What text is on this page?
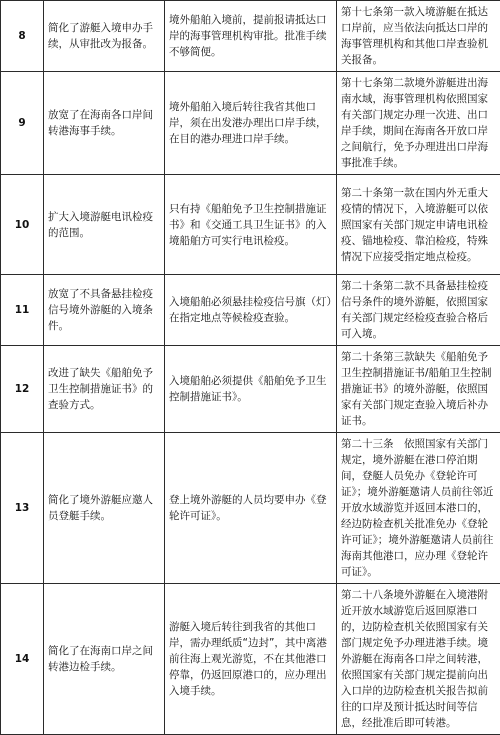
8	简化了游艇入境申办手续，从审批改为报备。	境外船舶入境前，提前报请抵达口岸的海事管理机构审批。批准手续不够简便。	第十七条第一款入境游艇在抵达口岸前，应当依法向抵达口岸的海事管理机构和其他口岸查验机关报备。
9	放宽了在海南各口岸间转港海事手续。	境外船舶入境后转往我省其他口岸，须在出发港办理出口岸手续，在目的港办理进口岸手续。	第十七条第二款境外游艇进出海南水域，海事管理机构依照国家有关部门规定办理一次进、出口岸手续，期间在海南各开放口岸之间航行，免予办理进出口岸海事批准手续。
10	扩大入境游艇电讯检疫的范围。	只有持《船舶免予卫生控制措施证书》和《交通工具卫生证书》的入境船舶方可实行电讯检疫。	第二十条第一款在国内外无重大疫情的情况下，入境游艇可以依照国家有关部门规定申请电讯检疫、锚地检疫、靠泊检疫，特殊情况下应接受指定地点检疫。
11	放宽了不具备悬挂检疫信号境外游艇的入境条件。	入境船舶必须悬挂检疫信号旗（灯）在指定地点等候检疫查验。	第二十条第二款不具备悬挂检疫信号条件的境外游艇，依照国家有关部门规定经检疫查验合格后可入境。
12	改进了缺失《船舶免予卫生控制措施证书》的查验方式。	入境船舶必须提供《船舶免予卫生控制措施证书》。	第二十条第三款缺失《船舶免予卫生控制措施证书/船舶卫生控制措施证书》的境外游艇，依照国家有关部门规定查验入境后补办证书。
13	简化了境外游艇应邀人员登艇手续。	登上境外游艇的人员均要申办《登轮许可证》。	第二十三条　依照国家有关部门规定，境外游艇在港口停泊期间，登艇人员免办《登轮许可证》；境外游艇邀请人员前往邻近开放水域游览并返回本港口的，经边防检查机关批准免办《登轮许可证》；境外游艇邀请人员前往海南其他港口，应办理《登轮许可证》。
14	简化了在海南口岸之间转港边检手续。	游艇入境后转往到我省的其他口岸，需办理纸质“边封”，其中离港前往海上观光游览，不在其他港口停靠，仍返回原港口的，应办理出入境手续。	第二十八条境外游艇在入境港附近开放水域游览后返回原港口的，边防检查机关依照国家有关部门规定免予办理进港手续。境外游艇在海南各口岸之间转港，依照国家有关部门规定提前向出入口岸的边防检查机关报告拟前往的口岸及预计抵达时间等信息，经批准后即可转港。
